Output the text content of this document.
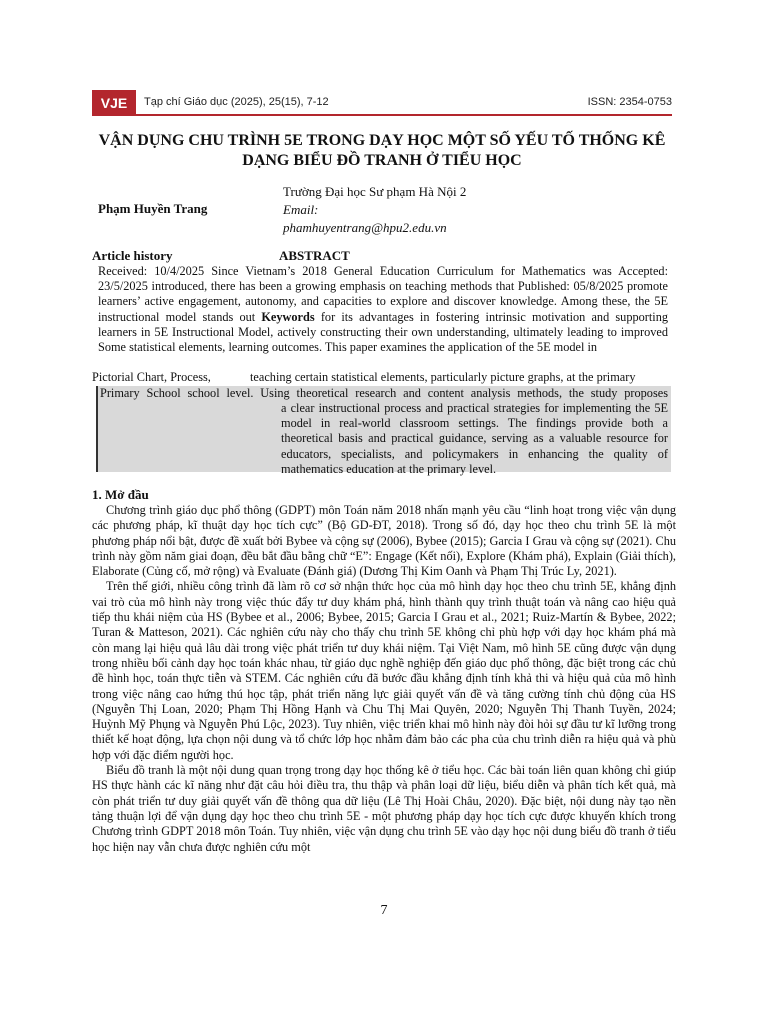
VJE	Tạp chí Giáo dục (2025), 25(15), 7-12	ISSN: 2354-0753
VẬN DỤNG CHU TRÌNH 5E TRONG DẠY HỌC MỘT SỐ YẾU TỐ THỐNG KÊ DẠNG BIỂU ĐỒ TRANH Ở TIỂU HỌC
Phạm Huyền Trang
Trường Đại học Sư phạm Hà Nội 2
Email:
phamhuyentrang@hpu2.edu.vn
Article history	ABSTRACT
Received: 10/4/2025 Since Vietnam’s 2018 General Education Curriculum for Mathematics was Accepted: 23/5/2025 introduced, there has been a growing emphasis on teaching methods that Published: 05/8/2025 promote learners’ active engagement, autonomy, and capacities to explore and discover knowledge. Among these, the 5E instructional model stands out Keywords for its advantages in fostering intrinsic motivation and supporting learners in 5E Instructional Model, actively constructing their own understanding, ultimately leading to improved Some statistical elements, learning outcomes. This paper examines the application of the 5E model in
Pictorial Chart, Process,	teaching certain statistical elements, particularly picture graphs, at the primary
Primary School school level. Using theoretical research and content analysis methods, the study proposes
a clear instructional process and practical strategies for implementing the 5E model in real-world classroom settings. The findings provide both a theoretical basis and practical guidance, serving as a valuable resource for educators, specialists, and policymakers in enhancing the quality of mathematics education at the primary level.
1. Mở đầu

Chương trình giáo dục phổ thông (GDPT) môn Toán năm 2018 nhấn mạnh yêu cầu “linh hoạt trong việc vận dụng các phương pháp, kĩ thuật dạy học tích cực” (Bộ GD-ĐT, 2018). Trong số đó, dạy học theo chu trình 5E là một phương pháp nổi bật, được đề xuất bởi Bybee và cộng sự (2006), Bybee (2015); Garcia I Grau và cộng sự (2021). Chu trình này gồm năm giai đoạn, đều bắt đầu bằng chữ “E”: Engage (Kết nối), Explore (Khám phá), Explain (Giải thích), Elaborate (Củng cố, mở rộng) và Evaluate (Đánh giá) (Dương Thị Kim Oanh và Phạm Thị Trúc Ly, 2021).

Trên thế giới, nhiều công trình đã làm rõ cơ sở nhận thức học của mô hình dạy học theo chu trình 5E, khẳng định vai trò của mô hình này trong việc thúc đẩy tư duy khám phá, hình thành quy trình thuật toán và nâng cao hiệu quả tiếp thu khái niệm của HS (Bybee et al., 2006; Bybee, 2015; Garcia I Grau et al., 2021; Ruiz-Martín & Bybee, 2022; Turan & Matteson, 2021). Các nghiên cứu này cho thấy chu trình 5E không chỉ phù hợp với dạy học khám phá mà còn mang lại hiệu quả lâu dài trong việc phát triển tư duy khái niệm. Tại Việt Nam, mô hình 5E cũng được vận dụng trong nhiều bối cảnh dạy học toán khác nhau, từ giáo dục nghề nghiệp đến giáo dục phổ thông, đặc biệt trong các chủ đề hình học, toán thực tiễn và STEM. Các nghiên cứu đã bước đầu khẳng định tính khả thi và hiệu quả của mô hình trong việc nâng cao hứng thú học tập, phát triển năng lực giải quyết vấn đề và tăng cường tính chủ động của HS (Nguyễn Thị Loan, 2020; Phạm Thị Hồng Hạnh và Chu Thị Mai Quyên, 2020; Nguyễn Thị Thanh Tuyền, 2024; Huỳnh Mỹ Phụng và Nguyễn Phú Lộc, 2023). Tuy nhiên, việc triển khai mô hình này đòi hỏi sự đầu tư kĩ lưỡng trong thiết kế hoạt động, lựa chọn nội dung và tổ chức lớp học nhằm đảm bảo các pha của chu trình diễn ra hiệu quả và phù hợp với đặc điểm người học.

Biểu đồ tranh là một nội dung quan trọng trong dạy học thống kê ở tiểu học. Các bài toán liên quan không chỉ giúp HS thực hành các kĩ năng như đặt câu hỏi điều tra, thu thập và phân loại dữ liệu, biểu diễn và phân tích kết quả, mà còn phát triển tư duy giải quyết vấn đề thông qua dữ liệu (Lê Thị Hoài Châu, 2020). Đặc biệt, nội dung này tạo nền tảng thuận lợi để vận dụng dạy học theo chu trình 5E - một phương pháp dạy học tích cực được khuyến khích trong Chương trình GDPT 2018 môn Toán. Tuy nhiên, việc vận dụng chu trình 5E vào dạy học nội dung biểu đồ tranh ở tiểu học hiện nay vẫn chưa được nghiên cứu một

7
